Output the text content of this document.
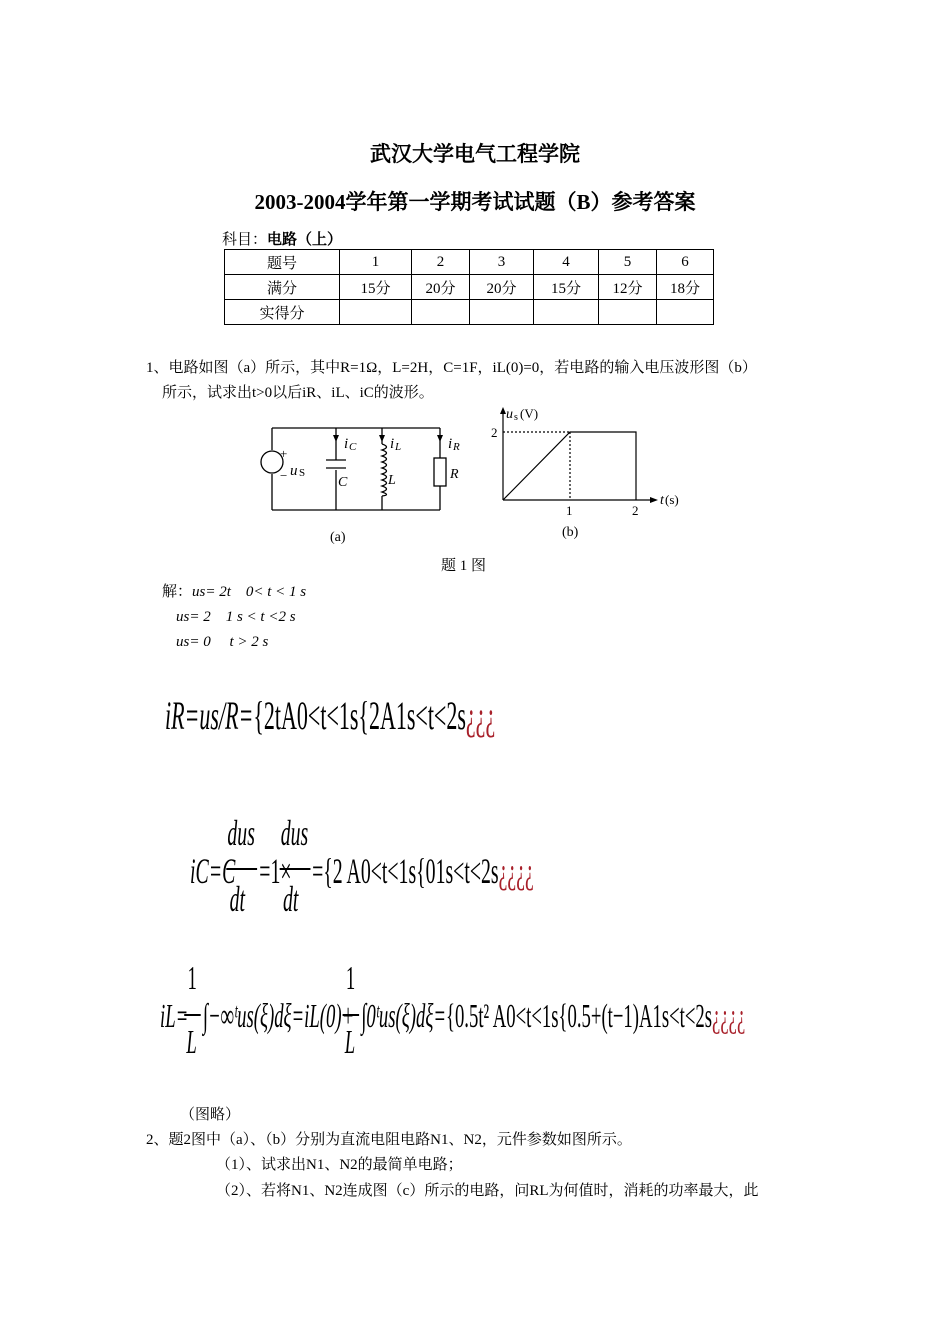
武汉大学电气工程学院
2003-2004学年第一学期考试试题（B）参考答案
科目：电路（上）
题号	1	2	3	4	5	6
满分	15分	20分	20分	15分	12分	18分
实得分						
1、电路如图（a）所示，其中R=1Ω，L=2H，C=1F，iL(0)=0，若电路的输入电压波形图（b）
所示，试求出t>0以后iR、iL、iC的波形。
+
− u S
i C i L	i R
C	L	R
(a)
u s (V)
2
1	2
t (s)
(b)
题 1 图
解：us= 2t　0< t < 1 s
us= 2　1 s < t <2 s
us= 0　 t > 2 s
iR=us/R={2tA0<t<1s{2A1s<t<2s¿¿¿
iC=C
dus
dt
=1×
dus
dt
={2 A0<t<1s{01s<t<2s¿¿¿¿
iL=
1
L
∫−∞ᵗus(ξ)dξ=iL(0)+
1
L
∫0ᵗus(ξ)dξ={0.5t² A0<t<1s{0.5+(t−1)A1s<t<2s¿¿¿¿
（图略）
2、题2图中（a）、（b）分别为直流电阻电路N1、N2，元件参数如图所示。
（1）、试求出N1、N2的最简单电路；
（2）、若将N1、N2连成图（c）所示的电路，问RL为何值时，消耗的功率最大，此
